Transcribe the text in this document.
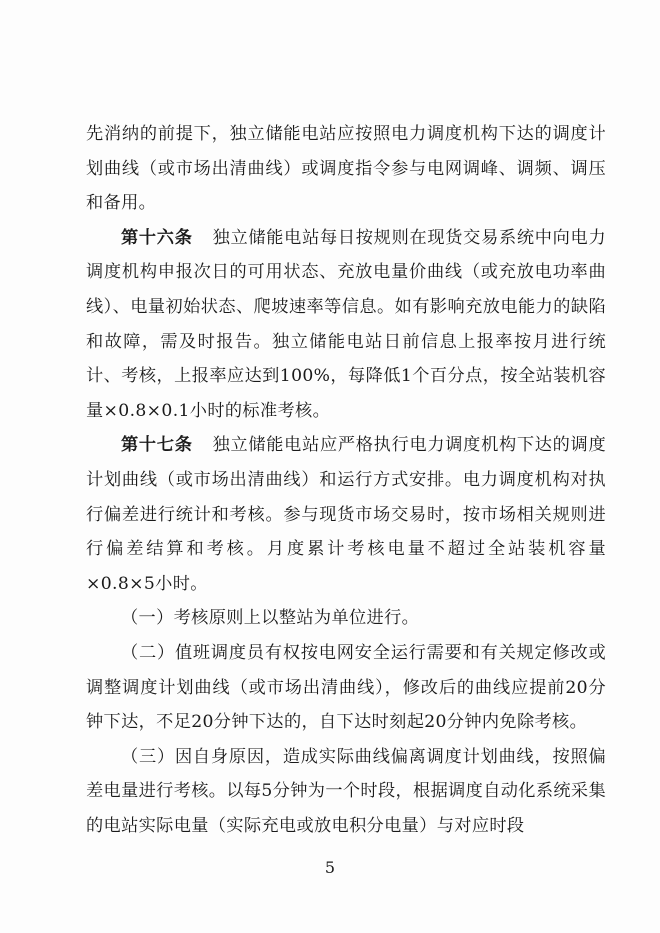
先消纳的前提下，独立储能电站应按照电力调度机构下达的调度计划曲线（或市场出清曲线）或调度指令参与电网调峰、调频、调压和备用。

第十六条 独立储能电站每日按规则在现货交易系统中向电力调度机构申报次日的可用状态、充放电量价曲线（或充放电功率曲线）、电量初始状态、爬坡速率等信息。如有影响充放电能力的缺陷和故障，需及时报告。独立储能电站日前信息上报率按月进行统计、考核，上报率应达到100%，每降低1个百分点，按全站装机容量×0.8×0.1小时的标准考核。

第十七条 独立储能电站应严格执行电力调度机构下达的调度计划曲线（或市场出清曲线）和运行方式安排。电力调度机构对执行偏差进行统计和考核。参与现货市场交易时，按市场相关规则进行偏差结算和考核。月度累计考核电量不超过全站装机容量×0.8×5小时。

（一）考核原则上以整站为单位进行。

（二）值班调度员有权按电网安全运行需要和有关规定修改或调整调度计划曲线（或市场出清曲线），修改后的曲线应提前20分钟下达，不足20分钟下达的，自下达时刻起20分钟内免除考核。

（三）因自身原因，造成实际曲线偏离调度计划曲线，按照偏差电量进行考核。以每5分钟为一个时段，根据调度自动化系统采集的电站实际电量（实际充电或放电积分电量）与对应时段

5
